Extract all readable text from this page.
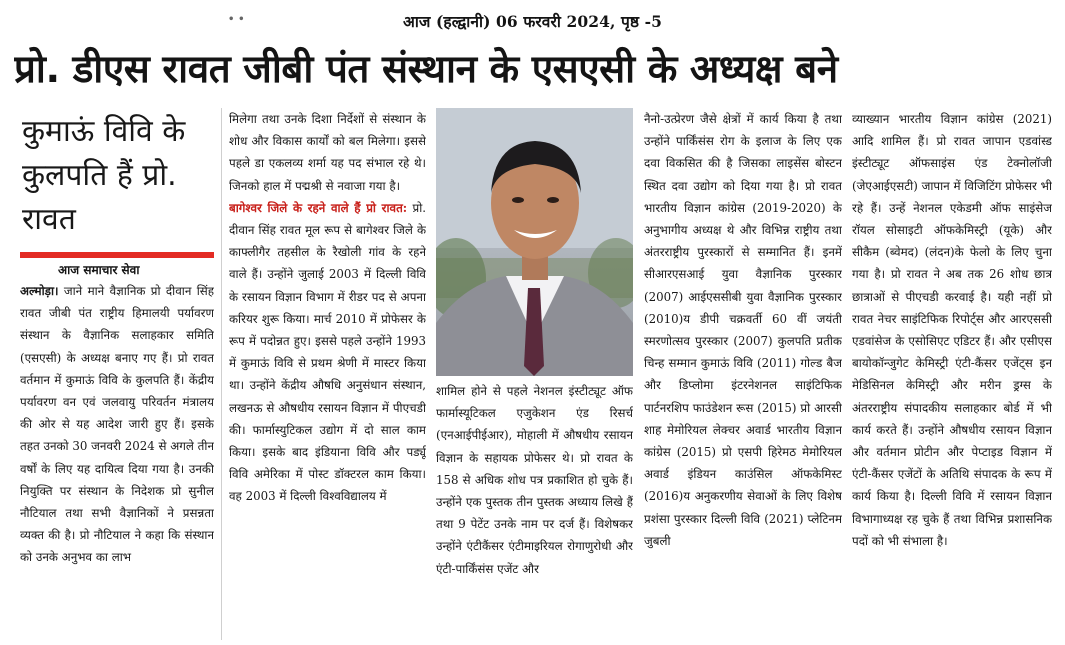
• •	आज (हल्द्वानी) 06 फरवरी 2024, पृष्ठ -5
प्रो. डीएस रावत जीबी पंत संस्थान के एसएसी के अध्यक्ष बने
कुमाऊं विवि के कुलपति हैं प्रो. रावत
आज समाचार सेवा

अल्मोड़ा। जाने माने वैज्ञानिक प्रो दीवान सिंह रावत जीबी पंत राष्ट्रीय हिमालयी पर्यावरण संस्थान के वैज्ञानिक सलाहकार समिति (एसएसी) के अध्यक्ष बनाए गए हैं। प्रो रावत वर्तमान में कुमाऊं विवि के कुलपति हैं। केंद्रीय पर्यावरण वन एवं जलवायु परिवर्तन मंत्रालय की ओर से यह आदेश जारी हुए हैं। इसके तहत उनको 30 जनवरी 2024 से अगले तीन वर्षों के लिए यह दायित्व दिया गया है। उनकी नियुक्ति पर संस्थान के निदेशक प्रो सुनील नौटियाल तथा सभी वैज्ञानिकों ने प्रसन्नता व्यक्त की है। प्रो नौटियाल ने कहा कि संस्थान को उनके अनुभव का लाभ

मिलेगा तथा उनके दिशा निर्देशों से संस्थान के शोध और विकास कार्यों को बल मिलेगा। इससे पहले डा एकलव्य शर्मा यह पद संभाल रहे थे। जिनको हाल में पद्मश्री से नवाजा गया है।

बागेश्वर जिले के रहने वाले हैं प्रो रावत: प्रो. दीवान सिंह रावत मूल रूप से बागेश्वर जिले के काफ्लीगैर तहसील के रैखोली गांव के रहने वाले हैं। उन्होंने जुलाई 2003 में दिल्ली विवि के रसायन विज्ञान विभाग में रीडर पद से अपना करियर शुरू किया। मार्च 2010 में प्रोफेसर के रूप में पदोन्नत हुए। इससे पहले उन्होंने 1993 में कुमाऊं विवि से प्रथम श्रेणी में मास्टर किया था। उन्होंने केंद्रीय औषधि अनुसंधान संस्थान, लखनऊ से औषधीय रसायन विज्ञान में पीएचडी की। फार्मास्युटिकल उद्योग में दो साल काम किया। इसके बाद इंडियाना विवि और पर्ड्यू विवि अमेरिका में पोस्ट डॉक्टरल काम किया। वह 2003 में दिल्ली विश्वविद्यालय में

शामिल होने से पहले नेशनल इंस्टीट्यूट ऑफ फार्मास्यूटिकल एजुकेशन एंड रिसर्च (एनआईपीईआर), मोहाली में औषधीय रसायन विज्ञान के सहायक प्रोफेसर थे। प्रो रावत के 158 से अधिक शोध पत्र प्रकाशित हो चुके हैं। उन्होंने एक पुस्तक तीन पुस्तक अध्याय लिखे हैं तथा 9 पेटेंट उनके नाम पर दर्ज हैं। विशेषकर उन्होंने एंटीकैंसर एंटीमाइरियल रोगाणुरोधी और एंटी-पार्किंसंस एजेंट और

नैनो-उत्प्रेरण जैसे क्षेत्रों में कार्य किया है तथा उन्होंने पार्किंसंस रोग के इलाज के लिए एक दवा विकसित की है जिसका लाइसेंस बोस्टन स्थित दवा उद्योग को दिया गया है। प्रो रावत भारतीय विज्ञान कांग्रेस (2019-2020) के अनुभागीय अध्यक्ष थे और विभिन्न राष्ट्रीय तथा अंतरराष्ट्रीय पुरस्कारों से सम्मानित हैं। इनमें सीआरएसआई युवा वैज्ञानिक पुरस्कार (2007) आईएससीबी युवा वैज्ञानिक पुरस्कार (2010)य डीपी चक्रवर्ती 60 वीं जयंती स्मरणोत्सव पुरस्कार (2007) कुलपति प्रतीक चिन्ह सम्मान कुमाऊं विवि (2011) गोल्ड बैज और डिप्लोमा इंटरनेशनल साइंटिफिक पार्टनरशिप फाउंडेशन रूस (2015) प्रो आरसी शाह मेमोरियल लेक्चर अवार्ड भारतीय विज्ञान कांग्रेस (2015) प्रो एसपी हिरेमठ मेमोरियल अवार्ड इंडियन काउंसिल ऑफकेमिस्ट (2016)य अनुकरणीय सेवाओं के लिए विशेष प्रशंसा पुरस्कार दिल्ली विवि (2021) प्लेटिनम जुबली

व्याख्यान भारतीय विज्ञान कांग्रेस (2021) आदि शामिल हैं। प्रो रावत जापान एडवांस्ड इंस्टीट्यूट ऑफसाइंस एंड टेक्नोलॉजी (जेएआईएसटी) जापान में विजिटिंग प्रोफेसर भी रहे हैं। उन्हें नेशनल एकेडमी ऑफ साइंसेज रॉयल सोसाइटी ऑफकेमिस्ट्री (यूके) और सीकैम (ब्वेमद) (लंदन)के फेलो के लिए चुना गया है। प्रो रावत ने अब तक 26 शोध छात्र छात्राओं से पीएचडी करवाई है। यही नहीं प्रो रावत नेचर साइंटिफिक रिपोर्ट्स और आरएससी एडवांसेज के एसोसिएट एडिटर हैं। और एसीएस बायोकॉन्जुगेट केमिस्ट्री एंटी-कैंसर एजेंट्स इन मेडिसिनल केमिस्ट्री और मरीन ड्रग्स के अंतरराष्ट्रीय संपादकीय सलाहकार बोर्ड में भी कार्य करते हैं। उन्होंने औषधीय रसायन विज्ञान और वर्तमान प्रोटीन और पेप्टाइड विज्ञान में एंटी-कैंसर एजेंटों के अतिथि संपादक के रूप में कार्य किया है। दिल्ली विवि में रसायन विज्ञान विभागाध्यक्ष रह चुके हैं तथा विभिन्न प्रशासनिक पदों को भी संभाला है।
